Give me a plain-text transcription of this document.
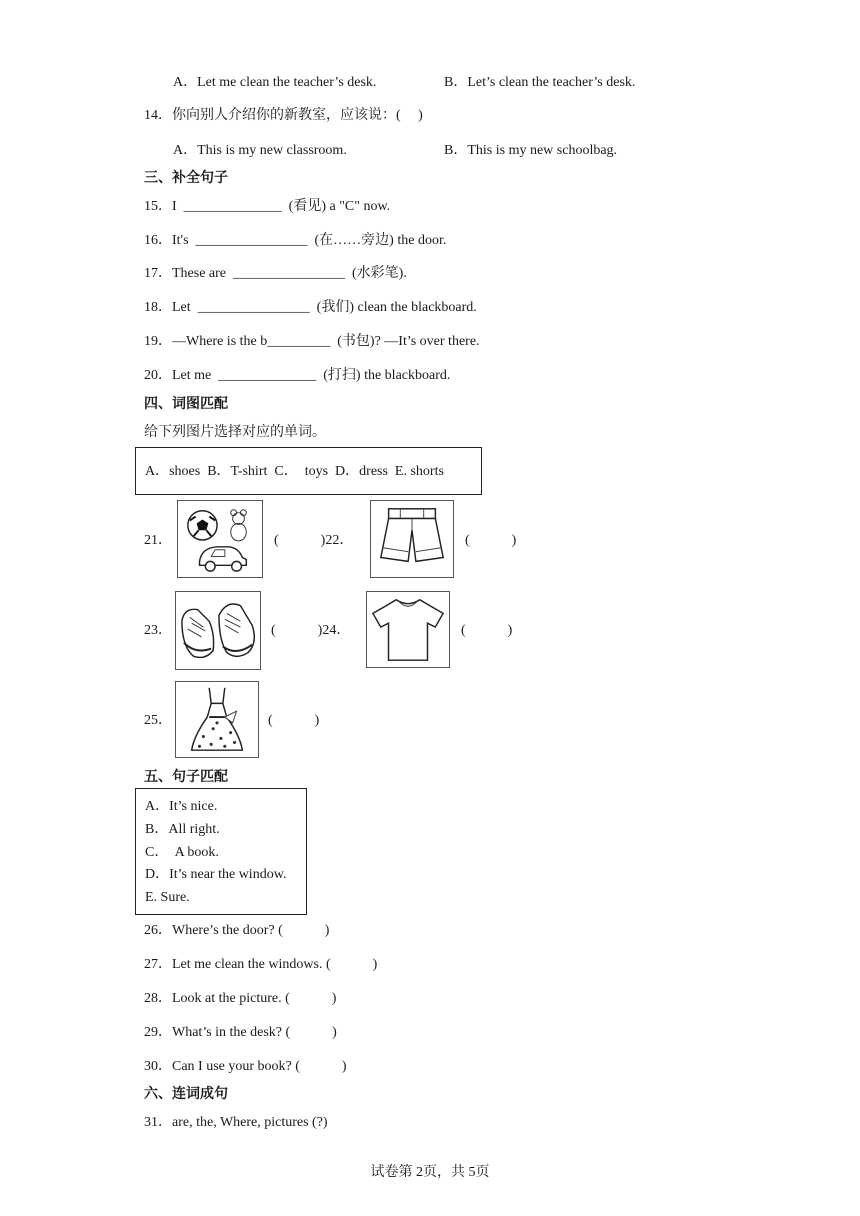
A．Let me clean the teacher’s desk.	B．Let’s clean the teacher’s desk.
14．你向别人介绍你的新教室，应该说：(　 )
A．This is my new classroom.	B．This is my new schoolbag.
三、补全句子
15．I  ______________  (看见) a "C" now.
16．It's  ________________  (在……旁边) the door.
17．These are  ________________  (水彩笔).
18．Let  ________________  (我们) clean the blackboard.
19．—Where is the b_________  (书包)? —It’s over there.
20．Let me  ______________  (打扫) the blackboard.
四、词图匹配
给下列图片选择对应的单词。
A．shoes  B．T-shirt  C．  toys  D．dress  E. shorts
21．	(　　　)22．	(　　　)
23．	(　　　)24．	(　　　)
25．	(　　　)
五、句子匹配
A．It’s nice.
B．All right.
C．  A book.
D．It’s near the window.
E. Sure.
26．Where’s the door? (　　　)
27．Let me clean the windows. (　　　)
28．Look at the picture. (　　　)
29．What’s in the desk? (　　　)
30．Can I use your book? (　　　)
六、连词成句
31．are, the, Where, pictures (?)
试卷第 2页，共 5页
